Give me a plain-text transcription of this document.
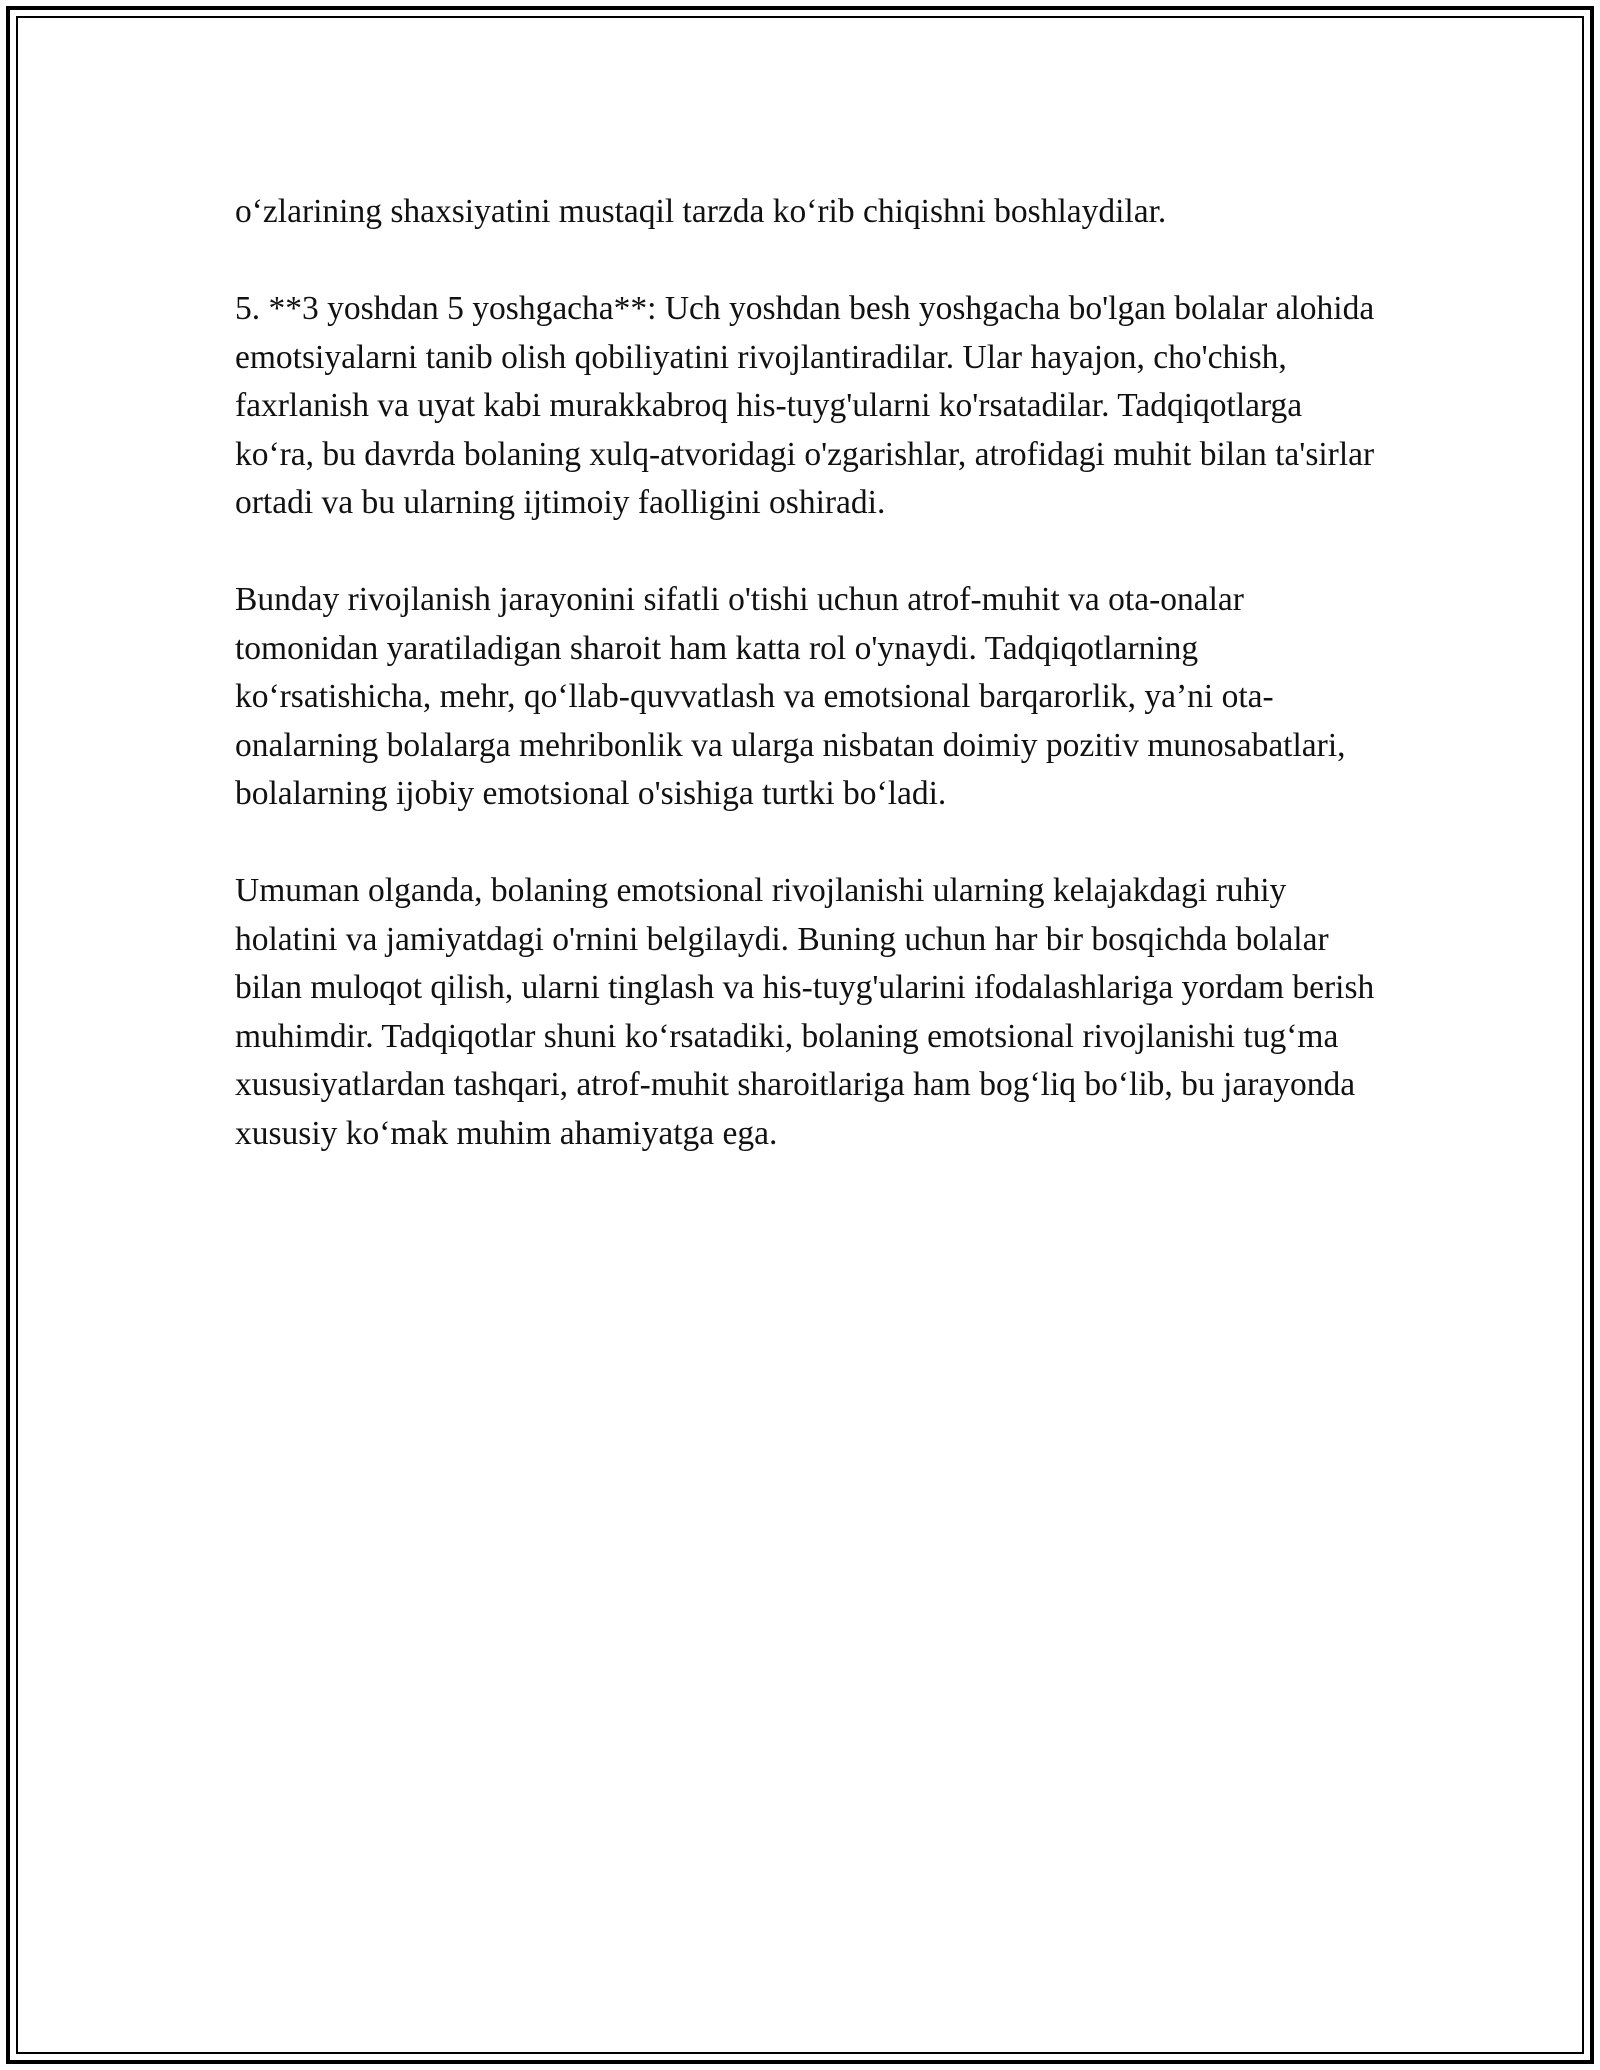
o‘zlarining shaxsiyatini mustaqil tarzda ko‘rib chiqishni boshlaydilar.

5. **3 yoshdan 5 yoshgacha**: Uch yoshdan besh yoshgacha bo'lgan bolalar alohida emotsiyalarni tanib olish qobiliyatini rivojlantiradilar. Ular hayajon, cho'chish, faxrlanish va uyat kabi murakkabroq his-tuyg'ularni ko'rsatadilar. Tadqiqotlarga ko‘ra, bu davrda bolaning xulq-atvoridagi o'zgarishlar, atrofidagi muhit bilan ta'sirlar ortadi va bu ularning ijtimoiy faolligini oshiradi.

Bunday rivojlanish jarayonini sifatli o'tishi uchun atrof-muhit va ota-onalar tomonidan yaratiladigan sharoit ham katta rol o'ynaydi. Tadqiqotlarning ko‘rsatishicha, mehr, qo‘llab-quvvatlash va emotsional barqarorlik, ya’ni ota-onalarning bolalarga mehribonlik va ularga nisbatan doimiy pozitiv munosabatlari, bolalarning ijobiy emotsional o'sishiga turtki bo‘ladi.

Umuman olganda, bolaning emotsional rivojlanishi ularning kelajakdagi ruhiy holatini va jamiyatdagi o'rnini belgilaydi. Buning uchun har bir bosqichda bolalar bilan muloqot qilish, ularni tinglash va his-tuyg'ularini ifodalashlariga yordam berish muhimdir. Tadqiqotlar shuni ko‘rsatadiki, bolaning emotsional rivojlanishi tug‘ma xususiyatlardan tashqari, atrof-muhit sharoitlariga ham bog‘liq bo‘lib, bu jarayonda xususiy ko‘mak muhim ahamiyatga ega.
